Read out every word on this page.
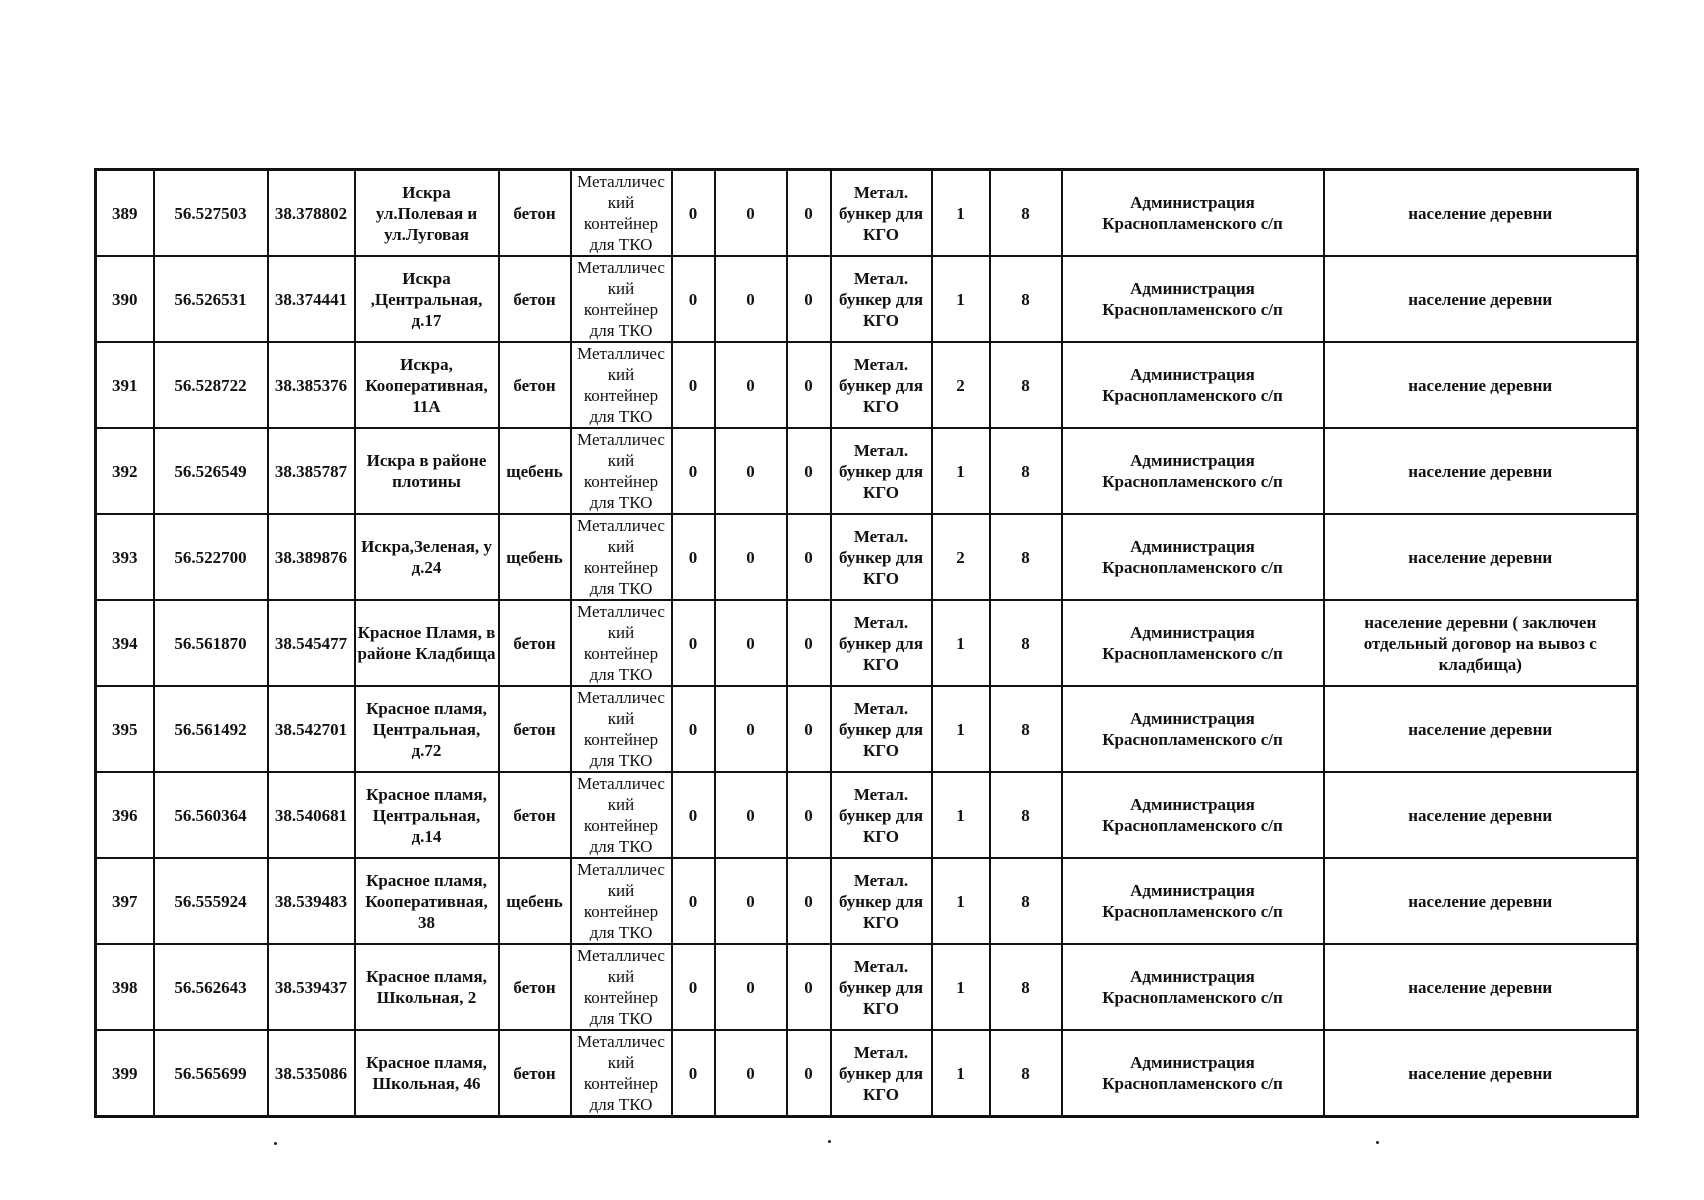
389	56.527503	38.378802	Искра ул.Полевая и ул.Луговая	бетон	Металлический контейнер для ТКО	0	0	0	Метал. бункер для КГО	1	8	Администрация Краснопламенского с/п	население деревни
390	56.526531	38.374441	Искра ,Центральная, д.17	бетон	Металлический контейнер для ТКО	0	0	0	Метал. бункер для КГО	1	8	Администрация Краснопламенского с/п	население деревни
391	56.528722	38.385376	Искра, Кооперативная, 11А	бетон	Металлический контейнер для ТКО	0	0	0	Метал. бункер для КГО	2	8	Администрация Краснопламенского с/п	население деревни
392	56.526549	38.385787	Искра в районе плотины	щебень	Металлический контейнер для ТКО	0	0	0	Метал. бункер для КГО	1	8	Администрация Краснопламенского с/п	население деревни
393	56.522700	38.389876	Искра,Зеленая, у д.24	щебень	Металлический контейнер для ТКО	0	0	0	Метал. бункер для КГО	2	8	Администрация Краснопламенского с/п	население деревни
394	56.561870	38.545477	Красное Пламя, в районе Кладбища	бетон	Металлический контейнер для ТКО	0	0	0	Метал. бункер для КГО	1	8	Администрация Краснопламенского с/п	население деревни ( заключен отдельный договор на вывоз с кладбища)
395	56.561492	38.542701	Красное пламя, Центральная, д.72	бетон	Металлический контейнер для ТКО	0	0	0	Метал. бункер для КГО	1	8	Администрация Краснопламенского с/п	население деревни
396	56.560364	38.540681	Красное пламя, Центральная, д.14	бетон	Металлический контейнер для ТКО	0	0	0	Метал. бункер для КГО	1	8	Администрация Краснопламенского с/п	население деревни
397	56.555924	38.539483	Красное пламя, Кооперативная, 38	щебень	Металлический контейнер для ТКО	0	0	0	Метал. бункер для КГО	1	8	Администрация Краснопламенского с/п	население деревни
398	56.562643	38.539437	Красное пламя, Школьная, 2	бетон	Металлический контейнер для ТКО	0	0	0	Метал. бункер для КГО	1	8	Администрация Краснопламенского с/п	население деревни
399	56.565699	38.535086	Красное пламя, Школьная, 46	бетон	Металлический контейнер для ТКО	0	0	0	Метал. бункер для КГО	1	8	Администрация Краснопламенского с/п	население деревни
